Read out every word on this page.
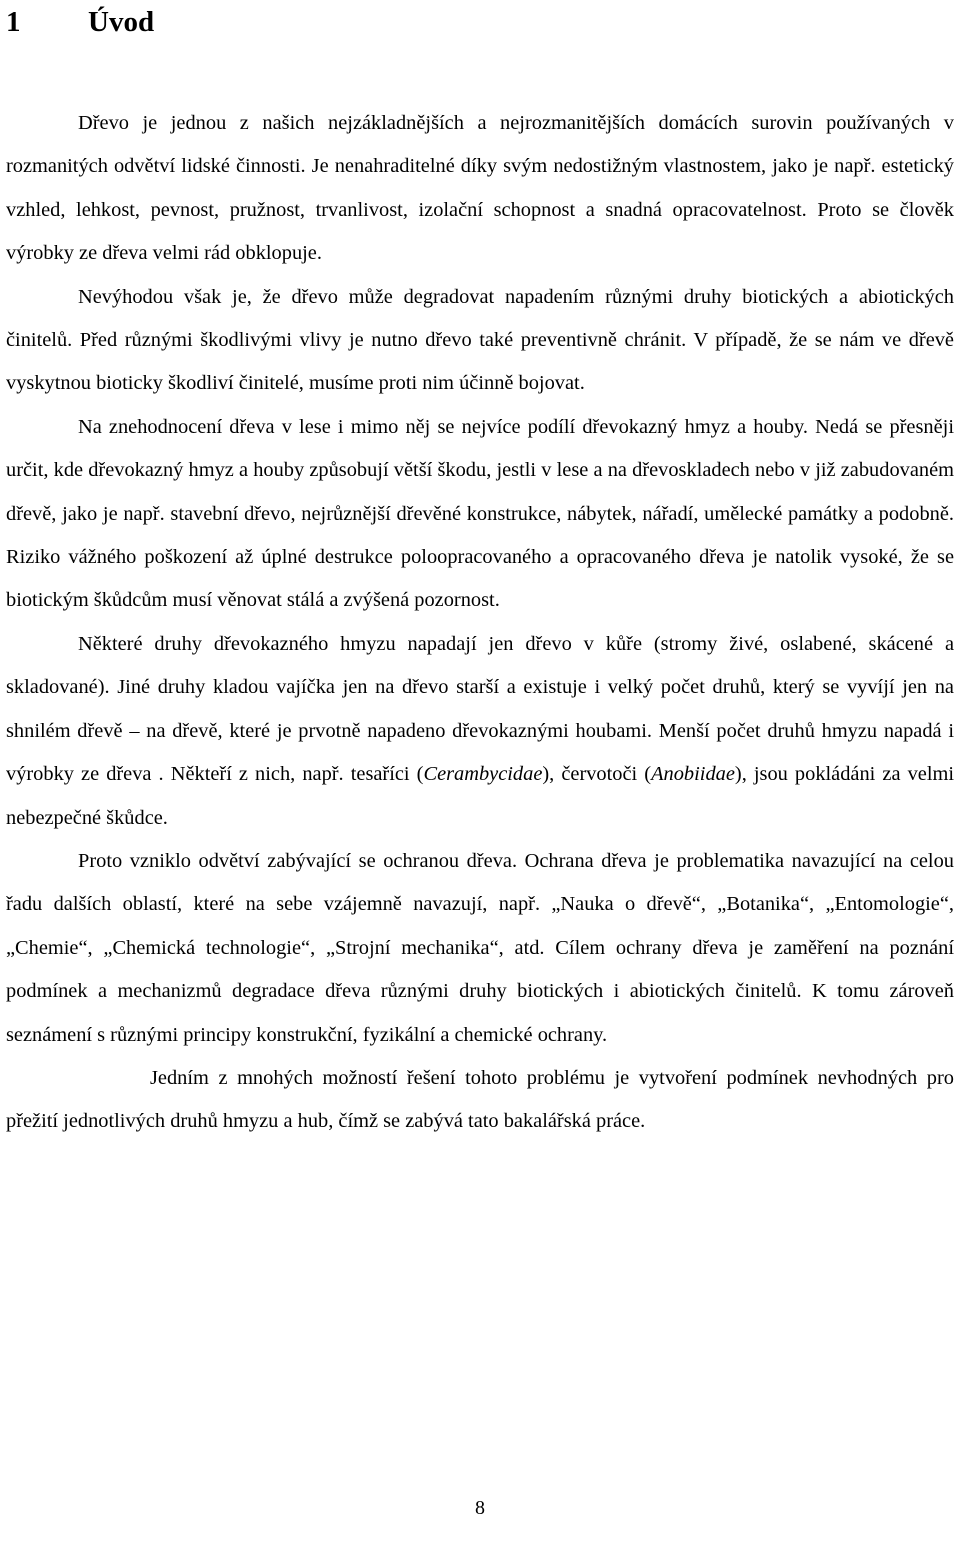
1 Úvod

Dřevo je jednou z našich nejzákladnějších a nejrozmanitějších domácích surovin používaných v rozmanitých odvětví lidské činnosti. Je nenahraditelné díky svým nedostižným vlastnostem, jako je např. estetický vzhled, lehkost, pevnost, pružnost, trvanlivost, izolační schopnost a snadná opracovatelnost. Proto se člověk výrobky ze dřeva velmi rád obklopuje.

Nevýhodou však je, že dřevo může degradovat napadením různými druhy biotických a abiotických činitelů. Před různými škodlivými vlivy je nutno dřevo také preventivně chránit. V případě, že se nám ve dřevě vyskytnou bioticky škodliví činitelé, musíme proti nim účinně bojovat.

Na znehodnocení dřeva v lese i mimo něj se nejvíce podílí dřevokazný hmyz a houby. Nedá se přesněji určit, kde dřevokazný hmyz a houby způsobují větší škodu, jestli v lese a na dřevoskladech nebo v již zabudovaném dřevě, jako je např. stavební dřevo, nejrůznější dřevěné konstrukce, nábytek, nářadí, umělecké památky a podobně. Riziko vážného poškození až úplné destrukce poloopracovaného a opracovaného dřeva je natolik vysoké, že se biotickým škůdcům musí věnovat stálá a zvýšená pozornost.

Některé druhy dřevokazného hmyzu napadají jen dřevo v kůře (stromy živé, oslabené, skácené a skladované). Jiné druhy kladou vajíčka jen na dřevo starší a existuje i velký počet druhů, který se vyvíjí jen na shnilém dřevě – na dřevě, které je prvotně napadeno dřevokaznými houbami. Menší počet druhů hmyzu napadá i výrobky ze dřeva . Někteří z nich, např. tesaříci (Cerambycidae), červotoči (Anobiidae), jsou pokládáni za velmi nebezpečné škůdce.

Proto vzniklo odvětví zabývající se ochranou dřeva. Ochrana dřeva je problematika navazující na celou řadu dalších oblastí, které na sebe vzájemně navazují, např. „Nauka o dřevě“, „Botanika“, „Entomologie“, „Chemie“, „Chemická technologie“, „Strojní mechanika“, atd. Cílem ochrany dřeva je zaměření na poznání podmínek a mechanizmů degradace dřeva různými druhy biotických i abiotických činitelů. K tomu zároveň seznámení s různými principy konstrukční, fyzikální a chemické ochrany.

Jedním z mnohých možností řešení tohoto problému je vytvoření podmínek nevhodných pro přežití jednotlivých druhů hmyzu a hub, čímž se zabývá tato bakalářská práce.

8
